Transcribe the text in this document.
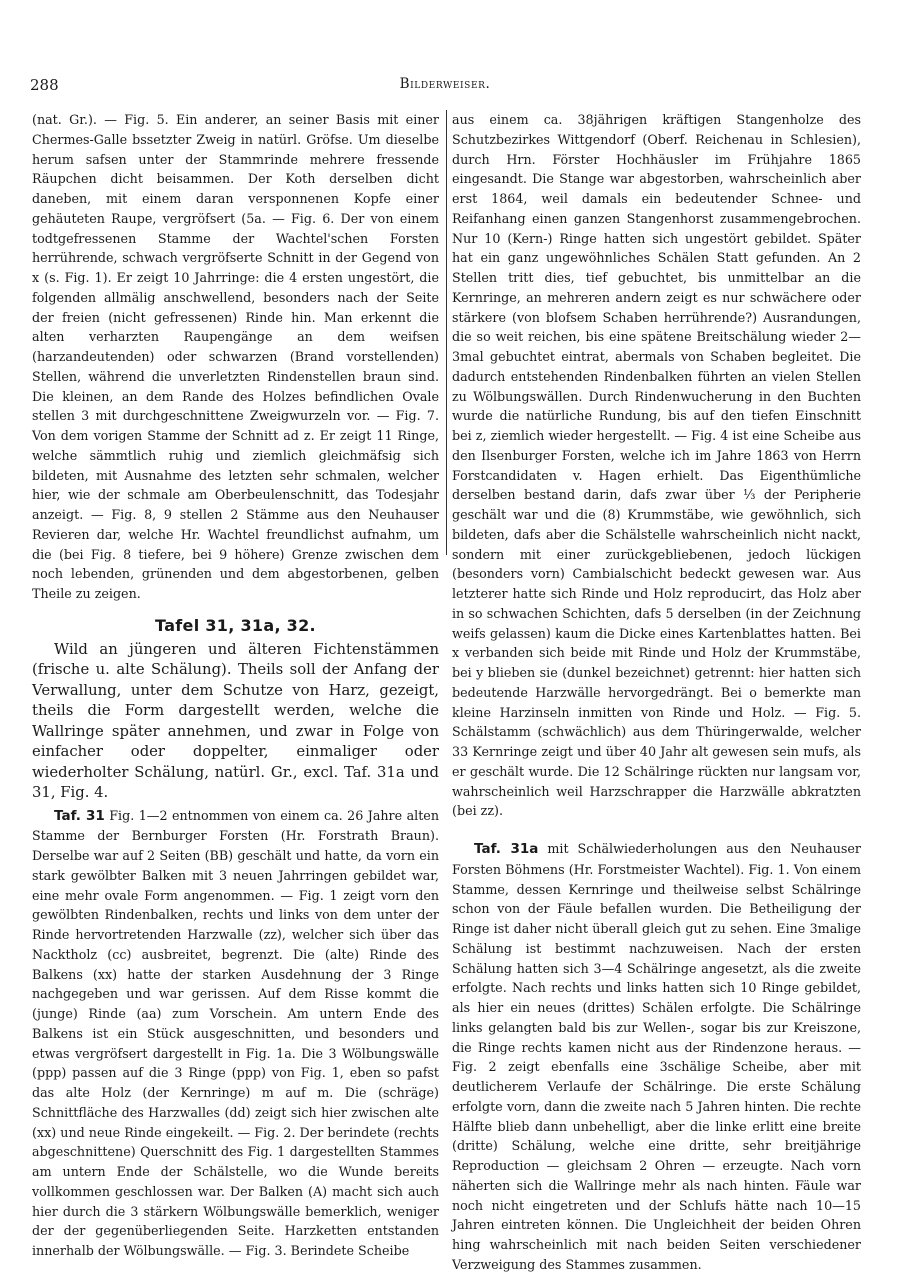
288	Bilderweiser.

(nat. Gr.). — Fig. 5. Ein anderer, an seiner Basis mit einer Chermes-Galle bssetzter Zweig in natürl. Gröfse. Um dieselbe herum safsen unter der Stammrinde mehrere fressende Räupchen dicht beisammen. Der Koth derselben dicht daneben, mit einem daran versponnenen Kopfe einer gehäuteten Raupe, vergröfsert (5a. — Fig. 6. Der von einem todtgefressenen Stamme der Wachtel'schen Forsten herrührende, schwach vergröfserte Schnitt in der Gegend von x (s. Fig. 1). Er zeigt 10 Jahrringe: die 4 ersten ungestört, die folgenden allmälig anschwellend, besonders nach der Seite der freien (nicht gefressenen) Rinde hin. Man erkennt die alten verharzten Raupengänge an dem weifsen (harzandeutenden) oder schwarzen (Brand vorstellenden) Stellen, während die unverletzten Rindenstellen braun sind. Die kleinen, an dem Rande des Holzes befindlichen Ovale stellen 3 mit durchgeschnittene Zweigwurzeln vor. — Fig. 7. Von dem vorigen Stamme der Schnitt ad z. Er zeigt 11 Ringe, welche sämmtlich ruhig und ziemlich gleichmäfsig sich bildeten, mit Ausnahme des letzten sehr schmalen, welcher hier, wie der schmale am Oberbeulenschnitt, das Todesjahr anzeigt. — Fig. 8, 9 stellen 2 Stämme aus den Neuhauser Revieren dar, welche Hr. Wachtel freundlichst aufnahm, um die (bei Fig. 8 tiefere, bei 9 höhere) Grenze zwischen dem noch lebenden, grünenden und dem abgestorbenen, gelben Theile zu zeigen.

Tafel 31, 31a, 32.

Wild an jüngeren und älteren Fichtenstämmen (frische u. alte Schälung). Theils soll der Anfang der Verwallung, unter dem Schutze von Harz, gezeigt, theils die Form dargestellt werden, welche die Wallringe später annehmen, und zwar in Folge von einfacher oder doppelter, einmaliger oder wiederholter Schälung, natürl. Gr., excl. Taf. 31a und 31, Fig. 4.

Taf. 31 Fig. 1—2 entnommen von einem ca. 26 Jahre alten Stamme der Bernburger Forsten (Hr. Forstrath Braun). Derselbe war auf 2 Seiten (BB) geschält und hatte, da vorn ein stark gewölbter Balken mit 3 neuen Jahrringen gebildet war, eine mehr ovale Form angenommen. — Fig. 1 zeigt vorn den gewölbten Rindenbalken, rechts und links von dem unter der Rinde hervortretenden Harzwalle (zz), welcher sich über das Nacktholz (cc) ausbreitet, begrenzt. Die (alte) Rinde des Balkens (xx) hatte der starken Ausdehnung der 3 Ringe nachgegeben und war gerissen. Auf dem Risse kommt die (junge) Rinde (aa) zum Vorschein. Am untern Ende des Balkens ist ein Stück ausgeschnitten, und besonders und etwas vergröfsert dargestellt in Fig. 1a. Die 3 Wölbungswälle (ppp) passen auf die 3 Ringe (ppp) von Fig. 1, eben so pafst das alte Holz (der Kernringe) m auf m. Die (schräge) Schnittfläche des Harzwalles (dd) zeigt sich hier zwischen alte (xx) und neue Rinde eingekeilt. — Fig. 2. Der berindete (rechts abgeschnittene) Querschnitt des Fig. 1 dargestellten Stammes am untern Ende der Schälstelle, wo die Wunde bereits vollkommen geschlossen war. Der Balken (A) macht sich auch hier durch die 3 stärkern Wölbungswälle bemerklich, weniger der der gegenüberliegenden Seite. Harzketten entstanden innerhalb der Wölbungswälle. — Fig. 3. Berindete Scheibe

aus einem ca. 38jährigen kräftigen Stangenholze des Schutzbezirkes Wittgendorf (Oberf. Reichenau in Schlesien), durch Hrn. Förster Hochhäusler im Frühjahre 1865 eingesandt. Die Stange war abgestorben, wahrscheinlich aber erst 1864, weil damals ein bedeutender Schnee- und Reifanhang einen ganzen Stangenhorst zusammengebrochen. Nur 10 (Kern-) Ringe hatten sich ungestört gebildet. Später hat ein ganz ungewöhnliches Schälen Statt gefunden. An 2 Stellen tritt dies, tief gebuchtet, bis unmittelbar an die Kernringe, an mehreren andern zeigt es nur schwächere oder stärkere (von blofsem Schaben herrührende?) Ausrandungen, die so weit reichen, bis eine spätene Breitschälung wieder 2—3mal gebuchtet eintrat, abermals von Schaben begleitet. Die dadurch entstehenden Rindenbalken führten an vielen Stellen zu Wölbungswällen. Durch Rindenwucherung in den Buchten wurde die natürliche Rundung, bis auf den tiefen Einschnitt bei z, ziemlich wieder hergestellt. — Fig. 4 ist eine Scheibe aus den Ilsenburger Forsten, welche ich im Jahre 1863 von Herrn Forstcandidaten v. Hagen erhielt. Das Eigenthümliche derselben bestand darin, dafs zwar über ⅓ der Peripherie geschält war und die (8) Krummstäbe, wie gewöhnlich, sich bildeten, dafs aber die Schälstelle wahrscheinlich nicht nackt, sondern mit einer zurückgebliebenen, jedoch lückigen (besonders vorn) Cambialschicht bedeckt gewesen war. Aus letzterer hatte sich Rinde und Holz reproducirt, das Holz aber in so schwachen Schichten, dafs 5 derselben (in der Zeichnung weifs gelassen) kaum die Dicke eines Kartenblattes hatten. Bei x verbanden sich beide mit Rinde und Holz der Krummstäbe, bei y blieben sie (dunkel bezeichnet) getrennt: hier hatten sich bedeutende Harzwälle hervorgedrängt. Bei o bemerkte man kleine Harzinseln inmitten von Rinde und Holz. — Fig. 5. Schälstamm (schwächlich) aus dem Thüringerwalde, welcher 33 Kernringe zeigt und über 40 Jahr alt gewesen sein mufs, als er geschält wurde. Die 12 Schälringe rückten nur langsam vor, wahrscheinlich weil Harzschrapper die Harzwälle abkratzten (bei zz).

Taf. 31a mit Schälwiederholungen aus den Neuhauser Forsten Böhmens (Hr. Forstmeister Wachtel). Fig. 1. Von einem Stamme, dessen Kernringe und theilweise selbst Schälringe schon von der Fäule befallen wurden. Die Betheiligung der Ringe ist daher nicht überall gleich gut zu sehen. Eine 3malige Schälung ist bestimmt nachzuweisen. Nach der ersten Schälung hatten sich 3—4 Schälringe angesetzt, als die zweite erfolgte. Nach rechts und links hatten sich 10 Ringe gebildet, als hier ein neues (drittes) Schälen erfolgte. Die Schälringe links gelangten bald bis zur Wellen-, sogar bis zur Kreiszone, die Ringe rechts kamen nicht aus der Rindenzone heraus. — Fig. 2 zeigt ebenfalls eine 3schälige Scheibe, aber mit deutlicherem Verlaufe der Schälringe. Die erste Schälung erfolgte vorn, dann die zweite nach 5 Jahren hinten. Die rechte Hälfte blieb dann unbehelligt, aber die linke erlitt eine breite (dritte) Schälung, welche eine dritte, sehr breitjährige Reproduction — gleichsam 2 Ohren — erzeugte. Nach vorn näherten sich die Wallringe mehr als nach hinten. Fäule war noch nicht eingetreten und der Schlufs hätte nach 10—15 Jahren eintreten können. Die Ungleichheit der beiden Ohren hing wahrscheinlich mit nach beiden Seiten verschiedener Verzweigung des Stammes zusammen.
